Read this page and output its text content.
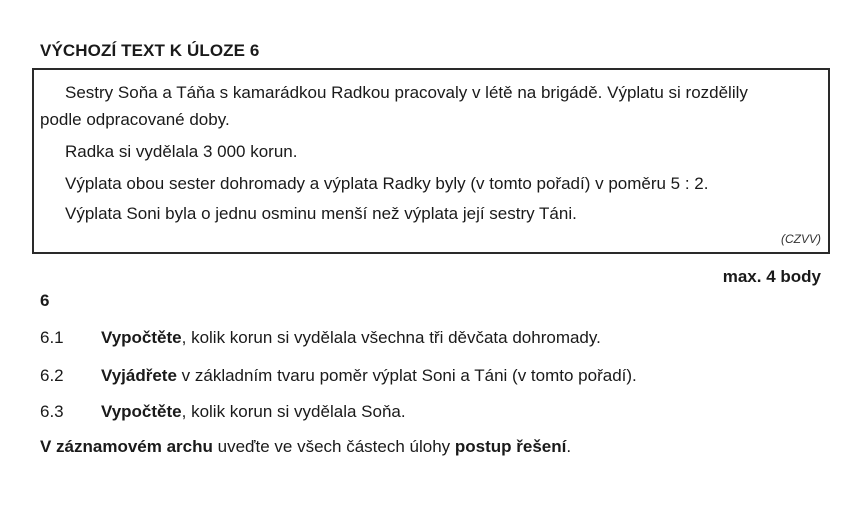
VÝCHOZÍ TEXT K ÚLOZE 6
Sestry Soňa a Táňa s kamarádkou Radkou pracovaly v létě na brigádě. Výplatu si rozdělily
podle odpracované doby.
Radka si vydělala 3 000 korun.
Výplata obou sester dohromady a výplata Radky byly (v tomto pořadí) v poměru 5 : 2.
Výplata Soni byla o jednu osminu menší než výplata její sestry Táni.
(CZVV)
max. 4 body
6
6.1 Vypočtěte, kolik korun si vydělala všechna tři děvčata dohromady.
6.2 Vyjádřete v základním tvaru poměr výplat Soni a Táni (v tomto pořadí).
6.3 Vypočtěte, kolik korun si vydělala Soňa.
V záznamovém archu uveďte ve všech částech úlohy postup řešení.
